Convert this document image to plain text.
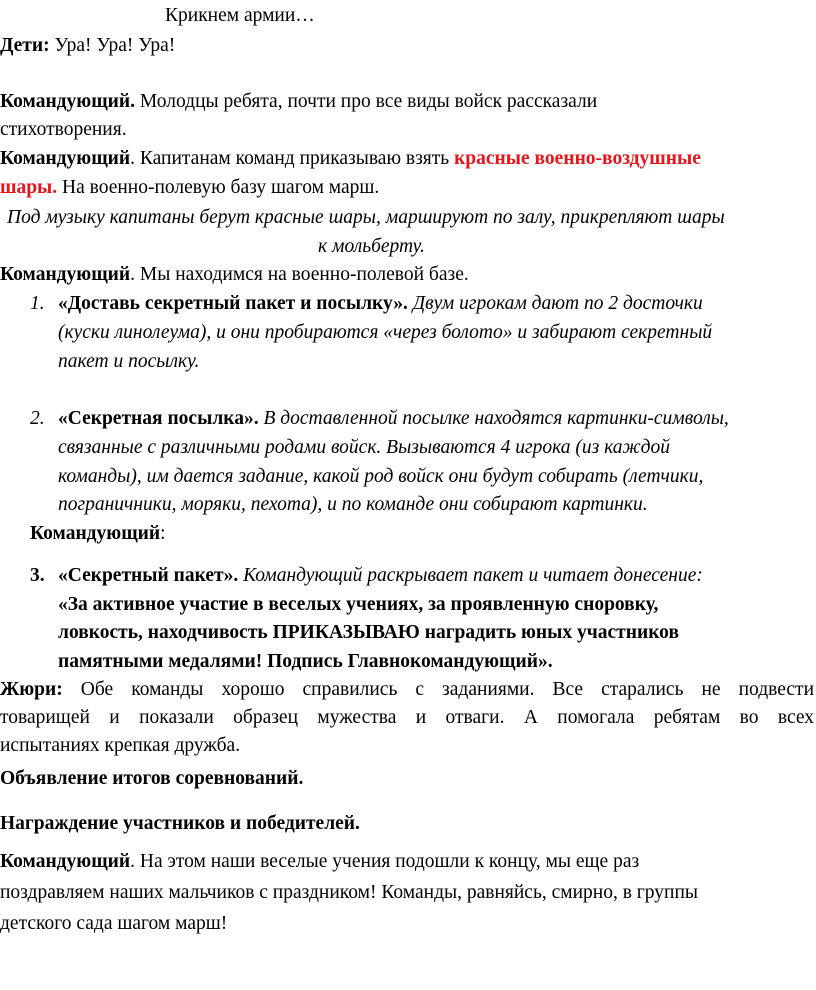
Крикнем армии…
Дети: Ура! Ура! Ура!
Командующий. Молодцы ребята, почти про все виды войск рассказали
стихотворения.
Командующий. Капитанам команд приказываю взять красные военно-воздушные
шары. На военно-полевую базу шагом марш.
Под музыку капитаны берут красные шары, маршируют по залу, прикрепляют шары
к мольберту.
Командующий. Мы находимся на военно-полевой базе.
1. «Доставь секретный пакет и посылку». Двум игрокам дают по 2 досточки
(куски линолеума), и они пробираются «через болото» и забирают секретный
пакет и посылку.
2. «Секретная посылка». В доставленной посылке находятся картинки-символы,
связанные с различными родами войск. Вызываются 4 игрока (из каждой
команды), им дается задание, какой род войск они будут собирать (летчики,
пограничники, моряки, пехота), и по команде они собирают картинки.
Командующий:
3. «Секретный пакет». Командующий раскрывает пакет и читает донесение:
«За активное участие в веселых учениях, за проявленную сноровку,
ловкость, находчивость ПРИКАЗЫВАЮ наградить юных участников
памятными медалями! Подпись Главнокомандующий».
Жюри: Обе команды хорошо справились с заданиями. Все старались не подвести
товарищей и показали образец мужества и отваги. А помогала ребятам во всех
испытаниях крепкая дружба.
Объявление итогов соревнований.
Награждение участников и победителей.
Командующий. На этом наши веселые учения подошли к концу, мы еще раз
поздравляем наших мальчиков с праздником! Команды, равняйсь, смирно, в группы
детского сада шагом марш!
